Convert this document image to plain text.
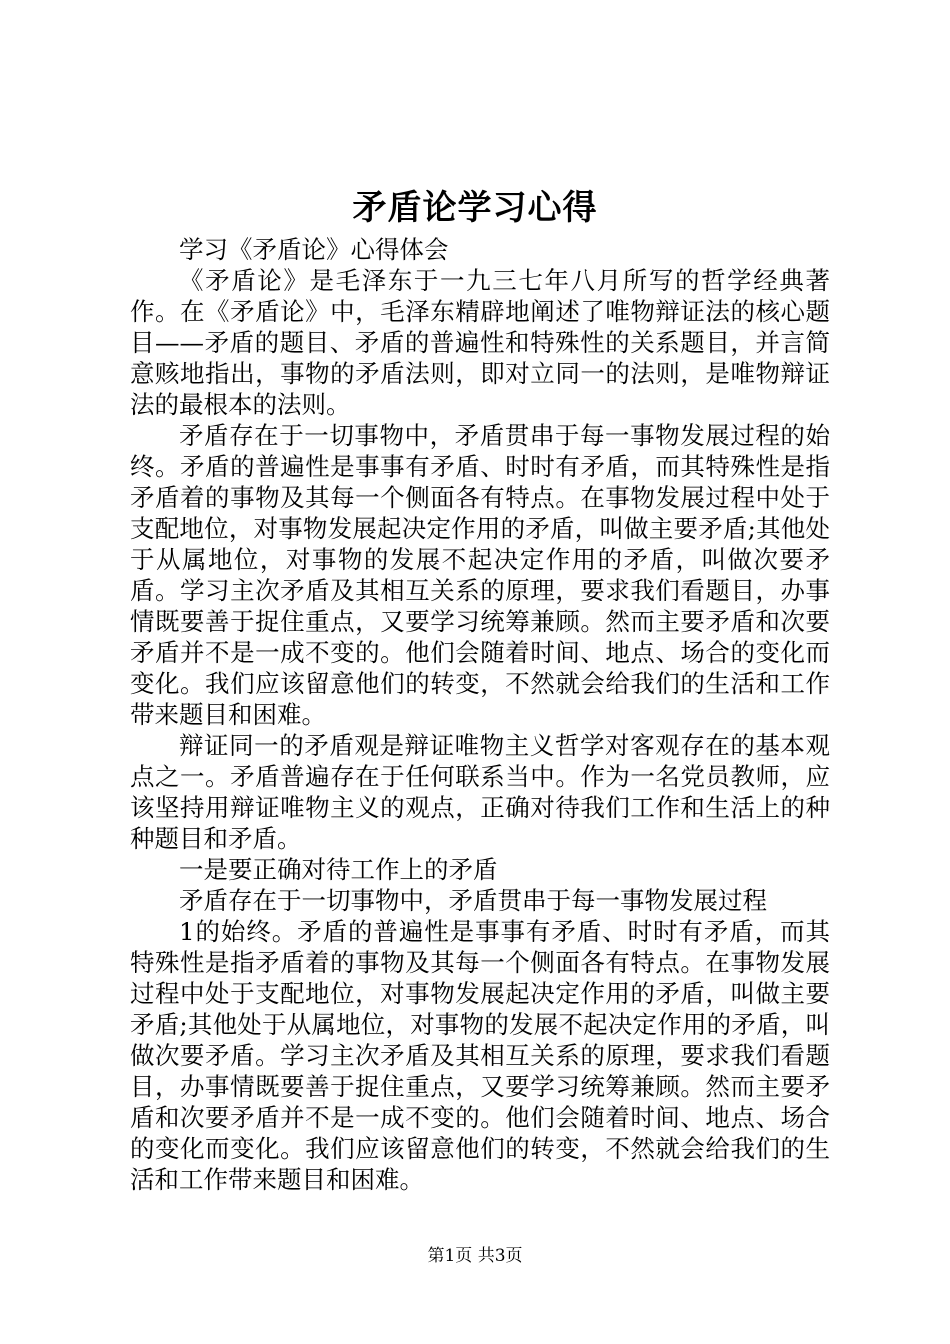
矛盾论学习心得

学习《矛盾论》心得体会

《矛盾论》是毛泽东于一九三七年八月所写的哲学经典著作。在《矛盾论》中，毛泽东精辟地阐述了唯物辩证法的核心题目——矛盾的题目、矛盾的普遍性和特殊性的关系题目，并言简意赅地指出，事物的矛盾法则，即对立同一的法则，是唯物辩证法的最根本的法则。

矛盾存在于一切事物中，矛盾贯串于每一事物发展过程的始终。矛盾的普遍性是事事有矛盾、时时有矛盾，而其特殊性是指矛盾着的事物及其每一个侧面各有特点。在事物发展过程中处于支配地位，对事物发展起决定作用的矛盾，叫做主要矛盾;其他处于从属地位，对事物的发展不起决定作用的矛盾，叫做次要矛盾。学习主次矛盾及其相互关系的原理，要求我们看题目，办事情既要善于捉住重点，又要学习统筹兼顾。然而主要矛盾和次要矛盾并不是一成不变的。他们会随着时间、地点、场合的变化而变化。我们应该留意他们的转变，不然就会给我们的生活和工作带来题目和困难。

辩证同一的矛盾观是辩证唯物主义哲学对客观存在的基本观点之一。矛盾普遍存在于任何联系当中。作为一名党员教师，应该坚持用辩证唯物主义的观点，正确对待我们工作和生活上的种种题目和矛盾。

一是要正确对待工作上的矛盾

矛盾存在于一切事物中，矛盾贯串于每一事物发展过程

1的始终。矛盾的普遍性是事事有矛盾、时时有矛盾，而其特殊性是指矛盾着的事物及其每一个侧面各有特点。在事物发展过程中处于支配地位，对事物发展起决定作用的矛盾，叫做主要矛盾;其他处于从属地位，对事物的发展不起决定作用的矛盾，叫做次要矛盾。学习主次矛盾及其相互关系的原理，要求我们看题目，办事情既要善于捉住重点，又要学习统筹兼顾。然而主要矛盾和次要矛盾并不是一成不变的。他们会随着时间、地点、场合的变化而变化。我们应该留意他们的转变，不然就会给我们的生活和工作带来题目和困难。

第1页 共3页
